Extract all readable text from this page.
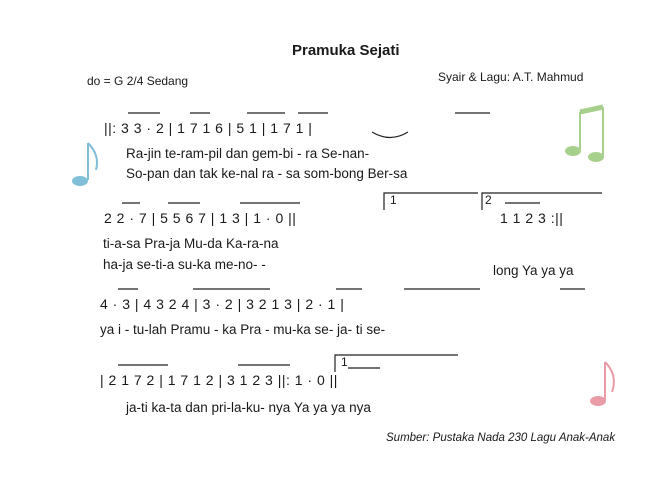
Pramuka Sejati
do = G 2/4 Sedang	Syair & Lagu: A.T. Mahmud
||: 3 3 · 2 | 1 7 1 6 | 5 1 | 1 7 1 |
Ra-jin te-ram-pil dan gem-bi - ra Se-nan-
So-pan dan tak ke-nal ra - sa som-bong Ber-sa
2 2 · 7 | 5 5 6 7 | 1 3 | 1 · 0 ||
1	2
1 1 2 3 :||
ti-a-sa Pra-ja Mu-da Ka-ra-na
ha-ja se-ti-a su-ka me-no- -	long Ya ya ya
4 · 3 | 4 3 2 4 | 3 · 2 | 3 2 1 3 | 2 · 1 |
ya i - tu-lah Pramu - ka Pra - mu-ka se- ja- ti se-
| 2 1 7 2 | 1 7 1 2 | 3 1 2 3 ||: 1 · 0 ||
1
ja-ti ka-ta dan pri-la-ku- nya Ya ya ya nya
Sumber: Pustaka Nada 230 Lagu Anak-Anak
